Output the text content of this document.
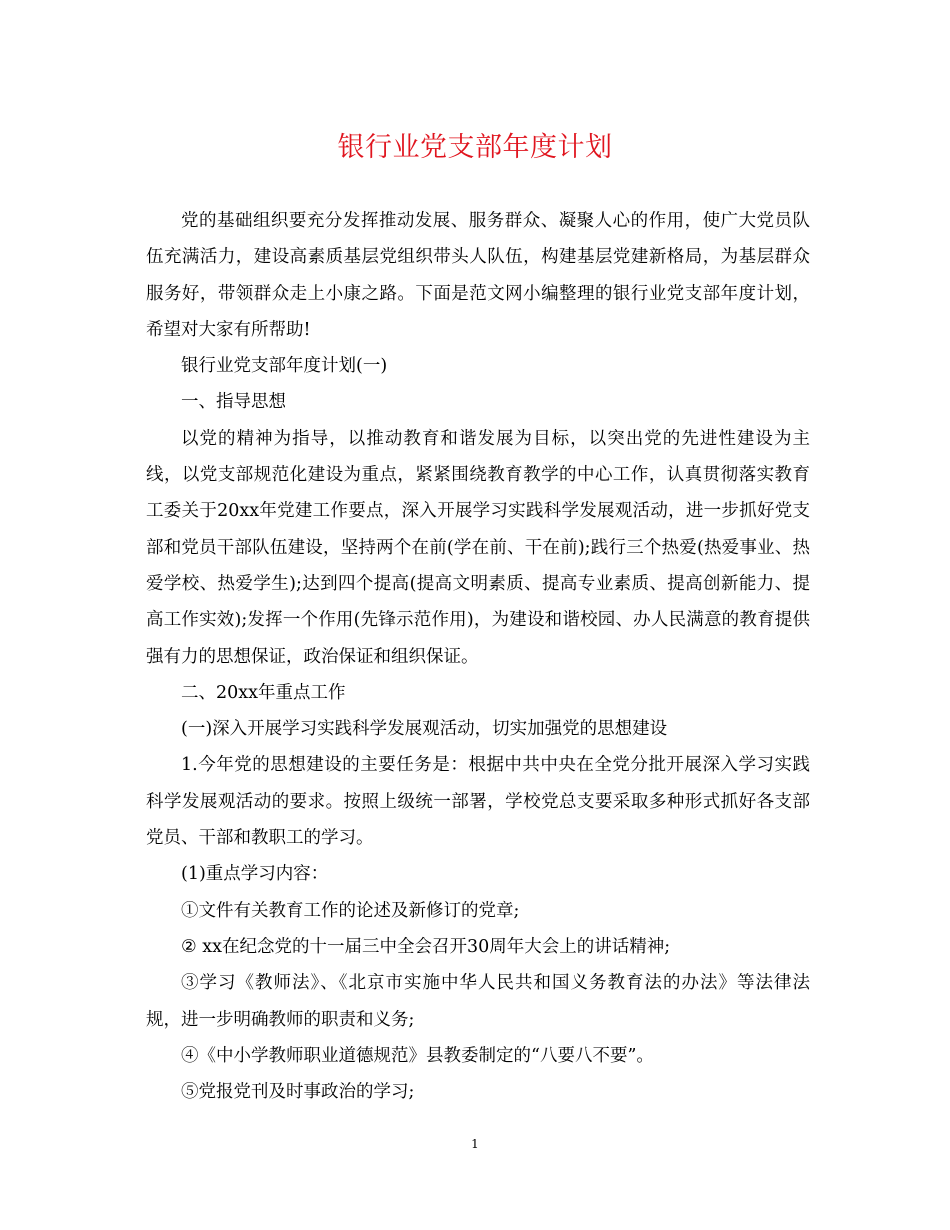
银行业党支部年度计划

党的基础组织要充分发挥推动发展、服务群众、凝聚人心的作用，使广大党员队伍充满活力，建设高素质基层党组织带头人队伍，构建基层党建新格局，为基层群众服务好，带领群众走上小康之路。下面是范文网小编整理的银行业党支部年度计划，希望对大家有所帮助!

银行业党支部年度计划(一)

一、指导思想

以党的精神为指导，以推动教育和谐发展为目标，以突出党的先进性建设为主线，以党支部规范化建设为重点，紧紧围绕教育教学的中心工作，认真贯彻落实教育工委关于20xx年党建工作要点，深入开展学习实践科学发展观活动，进一步抓好党支部和党员干部队伍建设，坚持两个在前(学在前、干在前);践行三个热爱(热爱事业、热爱学校、热爱学生);达到四个提高(提高文明素质、提高专业素质、提高创新能力、提高工作实效);发挥一个作用(先锋示范作用)，为建设和谐校园、办人民满意的教育提供强有力的思想保证，政治保证和组织保证。

二、20xx年重点工作

(一)深入开展学习实践科学发展观活动，切实加强党的思想建设

1.今年党的思想建设的主要任务是：根据中共中央在全党分批开展深入学习实践科学发展观活动的要求。按照上级统一部署，学校党总支要采取多种形式抓好各支部党员、干部和教职工的学习。

(1)重点学习内容：

①文件有关教育工作的论述及新修订的党章;

② xx在纪念党的十一届三中全会召开30周年大会上的讲话精神;

③学习《教师法》、《北京市实施中华人民共和国义务教育法的办法》等法律法规，进一步明确教师的职责和义务;

④《中小学教师职业道德规范》县教委制定的“八要八不要”。

⑤党报党刊及时事政治的学习;

1
